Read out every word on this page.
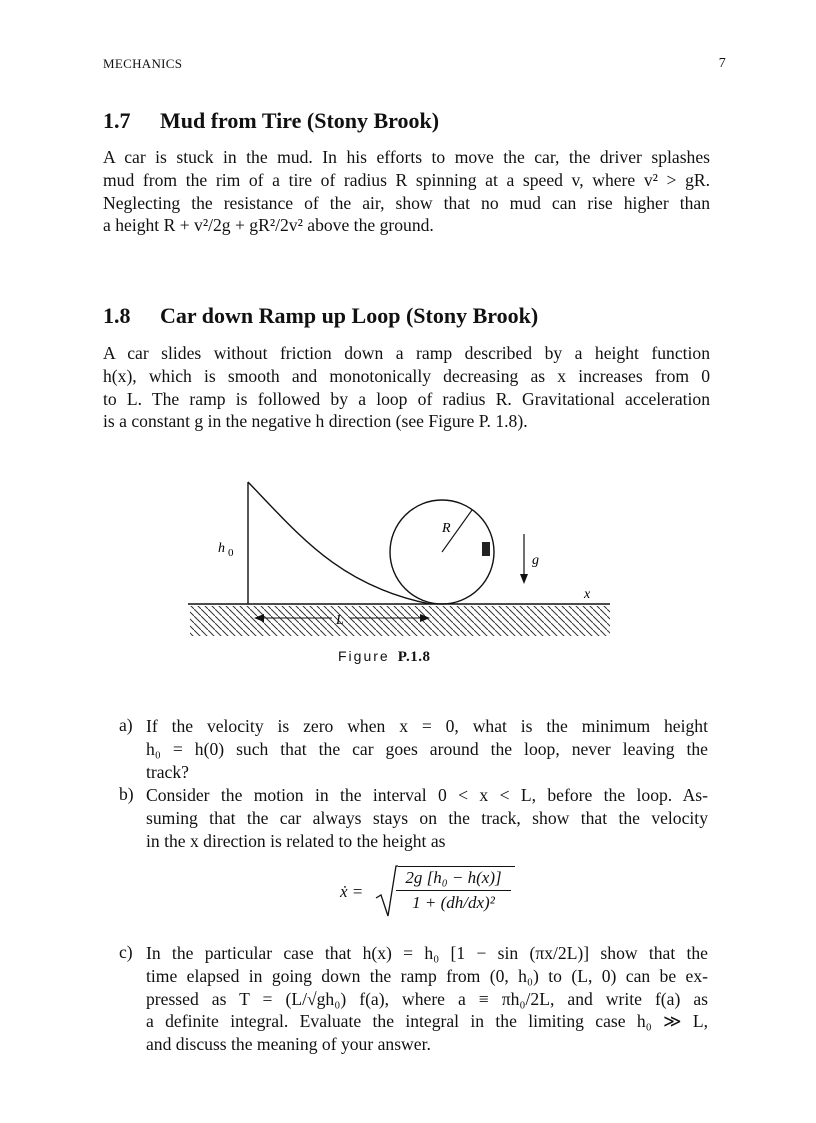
MECHANICS	7
1.7 Mud from Tire (Stony Brook)

A car is stuck in the mud. In his efforts to move the car, the driver splashes
mud from the rim of a tire of radius R spinning at a speed v, where v² > gR.
Neglecting the resistance of the air, show that no mud can rise higher than
a height R + v²/2g + gR²/2v² above the ground.

1.8 Car down Ramp up Loop (Stony Brook)

A car slides without friction down a ramp described by a height function
h(x), which is smooth and monotonically decreasing as x increases from 0
to L. The ramp is followed by a loop of radius R. Gravitational acceleration
is a constant g in the negative h direction (see Figure P. 1.8).

R
h $_0$	g
x
L
Figure P.1.8
a) If the velocity is zero when x = 0, what is the minimum height
h₀ = h(0) such that the car goes around the loop, never leaving the
track?

b) Consider the motion in the interval 0 < x < L, before the loop. As-
suming that the car always stays on the track, show that the velocity
in the x direction is related to the height as

ẋ = $\frac{\text{2g [h₀ − h(x)]}}{\text{1 + (dh/dx)²}}$
c) In the particular case that h(x) = h₀ [1 − sin (πx/2L)] show that the
time elapsed in going down the ramp from (0, h₀) to (L, 0) can be ex-
pressed as T = (L/√gh₀) f(a), where a ≡ πh₀/2L, and write f(a) as
a definite integral. Evaluate the integral in the limiting case h₀ ≫ L,
and discuss the meaning of your answer.
